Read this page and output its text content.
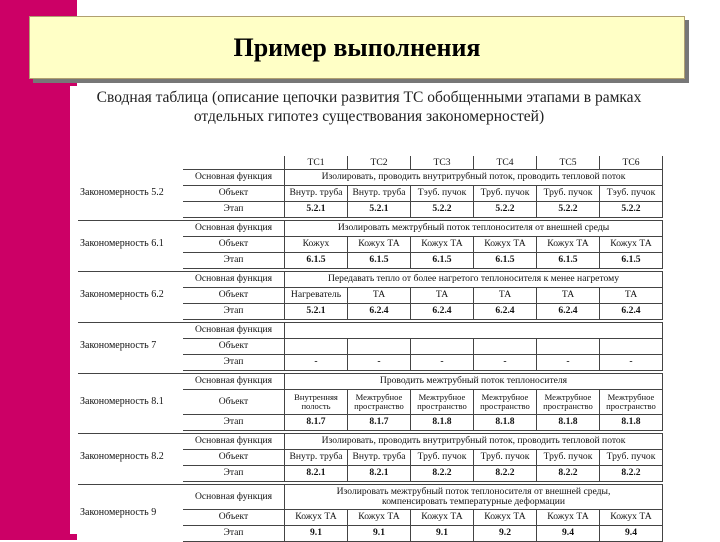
Пример выполнения
Сводная таблица (описание цепочки развития ТС обобщенными этапами в рамках
отдельных гипотез существования закономерностей)
		ТС1	ТС2	ТС3	ТС4	ТС5	ТС6
Закономерность 5.2	Основная функция	Изолировать, проводить внутритрубный поток, проводить тепловой поток					
	Объект	Внутр. труба	Внутр. труба	Тэуб. пучок	Труб. пучок	Труб. пучок	Тэуб. пучок
	Этап	5.2.1	5.2.1	5.2.2	5.2.2	5.2.2	5.2.2

Закономерность 6.1	Основная функция	Изолировать межтрубный поток теплоносителя от внешней среды					
	Объект	Кожух	Кожух ТА	Кожух ТА	Кожух ТА	Кожух ТА	Кожух ТА
	Этап	6.1.5	6.1.5	6.1.5	6.1.5	6.1.5	6.1.5

Закономерность 6.2	Основная функция	Передавать тепло от более нагретого теплоносителя к менее нагретому					
	Объект	Нагреватель	ТА	ТА	ТА	ТА	ТА
	Этап	5.2.1	6.2.4	6.2.4	6.2.4	6.2.4	6.2.4

Закономерность 7	Основная функция						
	Объект						
	Этап	-	-	-	-	-	-

Закономерность 8.1	Основная функция	Проводить межтрубный поток теплоносителя					
	Объект	Внутренняя полость	Межтрубное пространство	Межтрубное пространство	Межтрубное пространство	Межтрубное пространство	Межтрубное пространство
	Этап	8.1.7	8.1.7	8.1.8	8.1.8	8.1.8	8.1.8

Закономерность 8.2	Основная функция	Изолировать, проводить внутритрубный поток, проводить тепловой поток					
	Объект	Внутр. труба	Внутр. труба	Труб. пучок	Труб. пучок	Труб. пучок	Труб. пучок
	Этап	8.2.1	8.2.1	8.2.2	8.2.2	8.2.2	8.2.2

Закономерность 9	Основная функция	Изолировать межтрубный поток теплоносителя от внешней среды, компенсировать температурные деформации					
	Объект	Кожух ТА	Кожух ТА	Кожух ТА	Кожух ТА	Кожух ТА	Кожух ТА
	Этап	9.1	9.1	9.1	9.2	9.4	9.4
